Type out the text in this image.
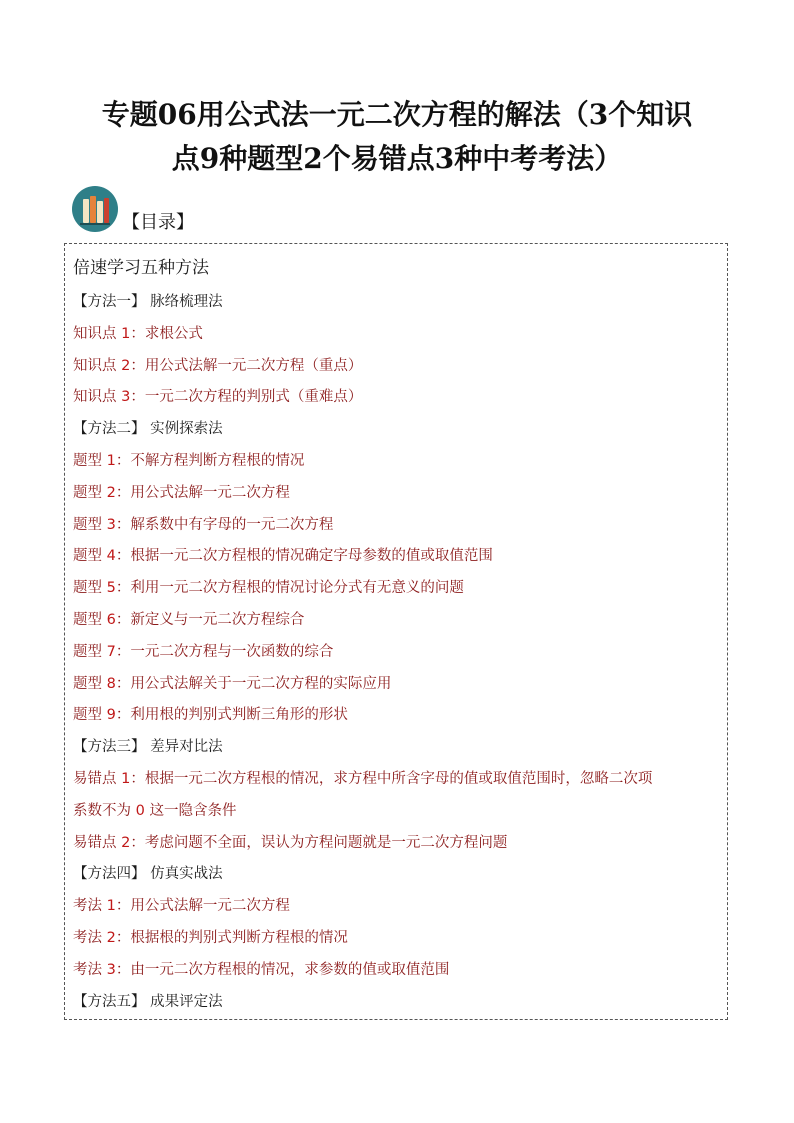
专题06用公式法一元二次方程的解法（3个知识
点9种题型2个易错点3种中考考法）
【目录】
倍速学习五种方法
【方法一】 脉络梳理法
知识点 1：求根公式
知识点 2：用公式法解一元二次方程（重点）
知识点 3：一元二次方程的判别式（重难点）
【方法二】 实例探索法
题型 1：不解方程判断方程根的情况
题型 2：用公式法解一元二次方程
题型 3：解系数中有字母的一元二次方程
题型 4：根据一元二次方程根的情况确定字母参数的值或取值范围
题型 5：利用一元二次方程根的情况讨论分式有无意义的问题
题型 6：新定义与一元二次方程综合
题型 7：一元二次方程与一次函数的综合
题型 8：用公式法解关于一元二次方程的实际应用
题型 9：利用根的判别式判断三角形的形状
【方法三】 差异对比法
易错点 1：根据一元二次方程根的情况，求方程中所含字母的值或取值范围时，忽略二次项
系数不为 0 这一隐含条件
易错点 2：考虑问题不全面，误认为方程问题就是一元二次方程问题
【方法四】 仿真实战法
考法 1：用公式法解一元二次方程
考法 2：根据根的判别式判断方程根的情况
考法 3：由一元二次方程根的情况，求参数的值或取值范围
【方法五】 成果评定法
